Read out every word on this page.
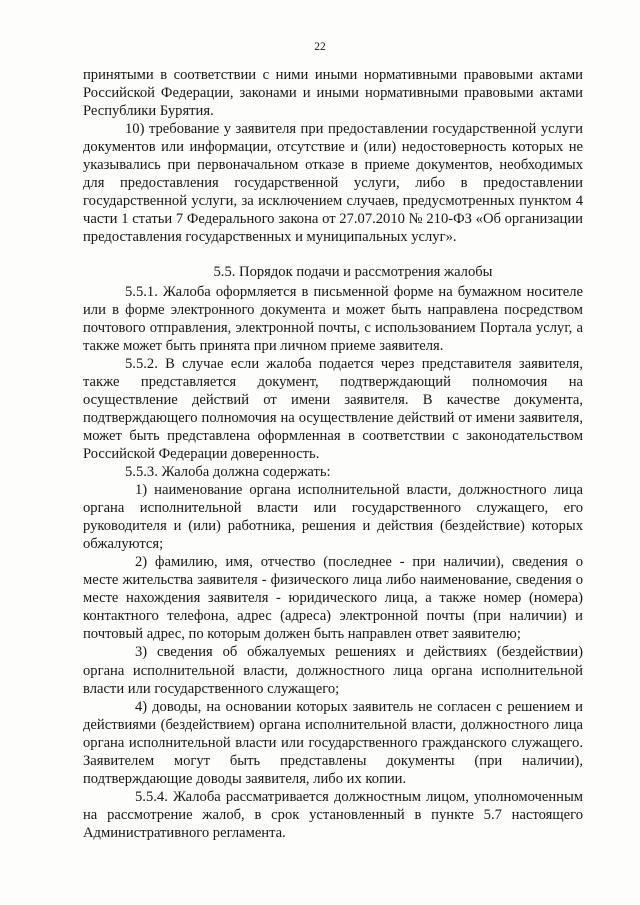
22

принятыми в соответствии с ними иными нормативными правовыми актами Российской Федерации, законами и иными нормативными правовыми актами Республики Бурятия.

10) требование у заявителя при предоставлении государственной услуги документов или информации, отсутствие и (или) недостоверность которых не указывались при первоначальном отказе в приеме документов, необходимых для предоставления государственной услуги, либо в предоставлении государственной услуги, за исключением случаев, предусмотренных пунктом 4 части 1 статьи 7 Федерального закона от 27.07.2010 № 210-ФЗ «Об организации предоставления государственных и муниципальных услуг».

5.5. Порядок подачи и рассмотрения жалобы

5.5.1. Жалоба оформляется в письменной форме на бумажном носителе или в форме электронного документа и может быть направлена посредством почтового отправления, электронной почты, с использованием Портала услуг, а также может быть принята при личном приеме заявителя.

5.5.2. В случае если жалоба подается через представителя заявителя, также представляется документ, подтверждающий полномочия на осуществление действий от имени заявителя. В качестве документа, подтверждающего полномочия на осуществление действий от имени заявителя, может быть представлена оформленная в соответствии с законодательством Российской Федерации доверенность.

5.5.3. Жалоба должна содержать:

1) наименование органа исполнительной власти, должностного лица органа исполнительной власти или государственного служащего, его руководителя и (или) работника, решения и действия (бездействие) которых обжалуются;

2) фамилию, имя, отчество (последнее - при наличии), сведения о месте жительства заявителя - физического лица либо наименование, сведения о месте нахождения заявителя - юридического лица, а также номер (номера) контактного телефона, адрес (адреса) электронной почты (при наличии) и почтовый адрес, по которым должен быть направлен ответ заявителю;

3) сведения об обжалуемых решениях и действиях (бездействии) органа исполнительной власти, должностного лица органа исполнительной власти или государственного служащего;

4) доводы, на основании которых заявитель не согласен с решением и действиями (бездействием) органа исполнительной власти, должностного лица органа исполнительной власти или государственного гражданского служащего. Заявителем могут быть представлены документы (при наличии), подтверждающие доводы заявителя, либо их копии.

5.5.4. Жалоба рассматривается должностным лицом, уполномоченным на рассмотрение жалоб, в срок установленный в пункте 5.7 настоящего Административного регламента.
